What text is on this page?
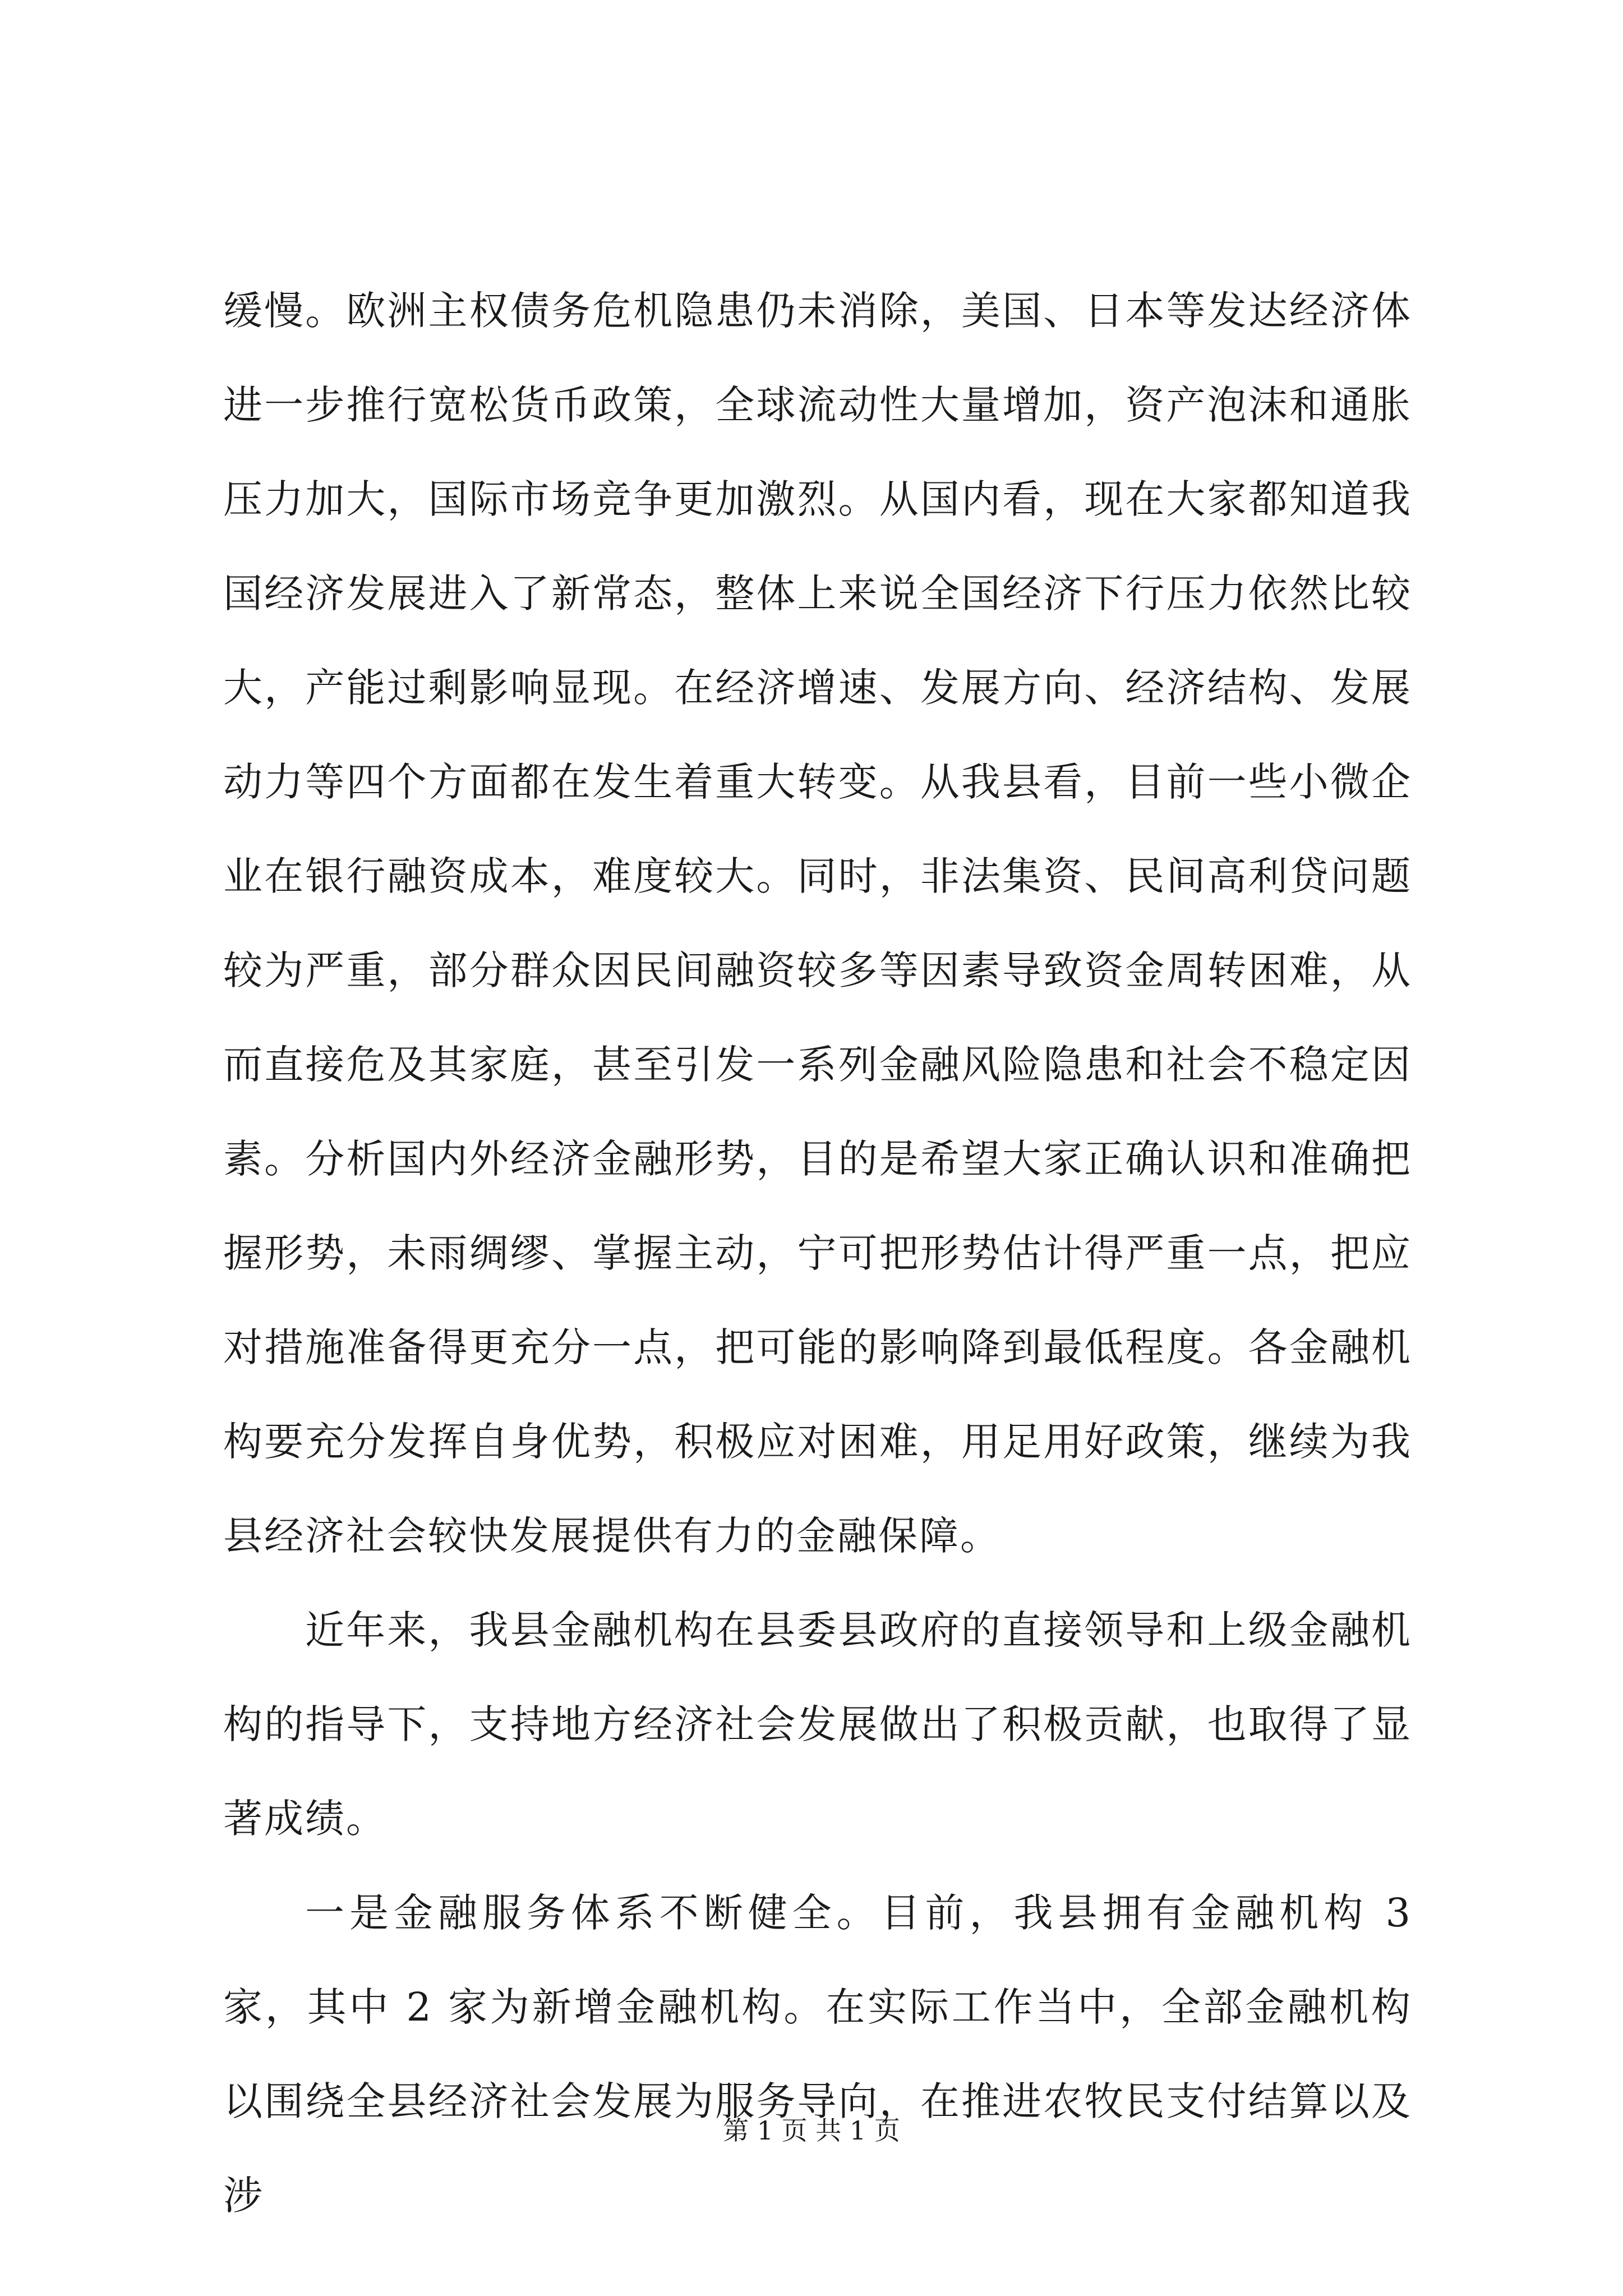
缓慢。欧洲主权债务危机隐患仍未消除，美国、日本等发达经济体进一步推行宽松货币政策，全球流动性大量增加，资产泡沫和通胀压力加大，国际市场竞争更加激烈。从国内看，现在大家都知道我国经济发展进入了新常态，整体上来说全国经济下行压力依然比较大，产能过剩影响显现。在经济增速、发展方向、经济结构、发展动力等四个方面都在发生着重大转变。从我县看，目前一些小微企业在银行融资成本，难度较大。同时，非法集资、民间高利贷问题较为严重，部分群众因民间融资较多等因素导致资金周转困难，从而直接危及其家庭，甚至引发一系列金融风险隐患和社会不稳定因素。分析国内外经济金融形势，目的是希望大家正确认识和准确把握形势，未雨绸缪、掌握主动，宁可把形势估计得严重一点，把应对措施准备得更充分一点，把可能的影响降到最低程度。各金融机构要充分发挥自身优势，积极应对困难，用足用好政策，继续为我县经济社会较快发展提供有力的金融保障。

近年来，我县金融机构在县委县政府的直接领导和上级金融机构的指导下，支持地方经济社会发展做出了积极贡献，也取得了显著成绩。

一是金融服务体系不断健全。目前，我县拥有金融机构 3 家，其中 2 家为新增金融机构。在实际工作当中，全部金融机构以围绕全县经济社会发展为服务导向，在推进农牧民支付结算以及涉

第 1 页 共 1 页
